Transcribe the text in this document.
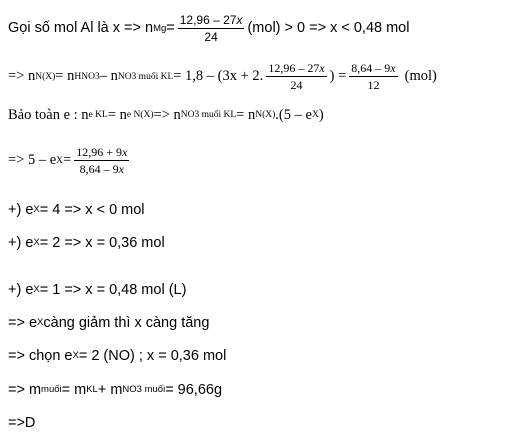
Gọi số mol Al là x => n $Mg = \frac{12,96 - 27x}{24} (mol) > 0 => x < 0,48$ mol
=> n N(X) = n HNO3 – n NO3 muối KL = 1,8 – (3x + 2. $\frac{12,96 - 27x}{24}$ ) = $\frac{8,64 - 9x}{12} (mol)$
Bảo toàn e : n e KL = n e N(X) => n NO3 muối KL = n N(X) .(5 – e X )
=> 5 – e $X = \frac{12,96 + 9x}{8,64 - 9x}$
+) e X = 4 => x < 0 mol
+) e X = 2 => x = 0,36 mol
+) e X = 1 => x = 0,48 mol (L)
=> e X càng giảm thì x càng tăng
=> chọn e X = 2 (NO) ; x = 0,36 mol
=> m muối = m KL + m NO3 muối = 96,66g
=>D
